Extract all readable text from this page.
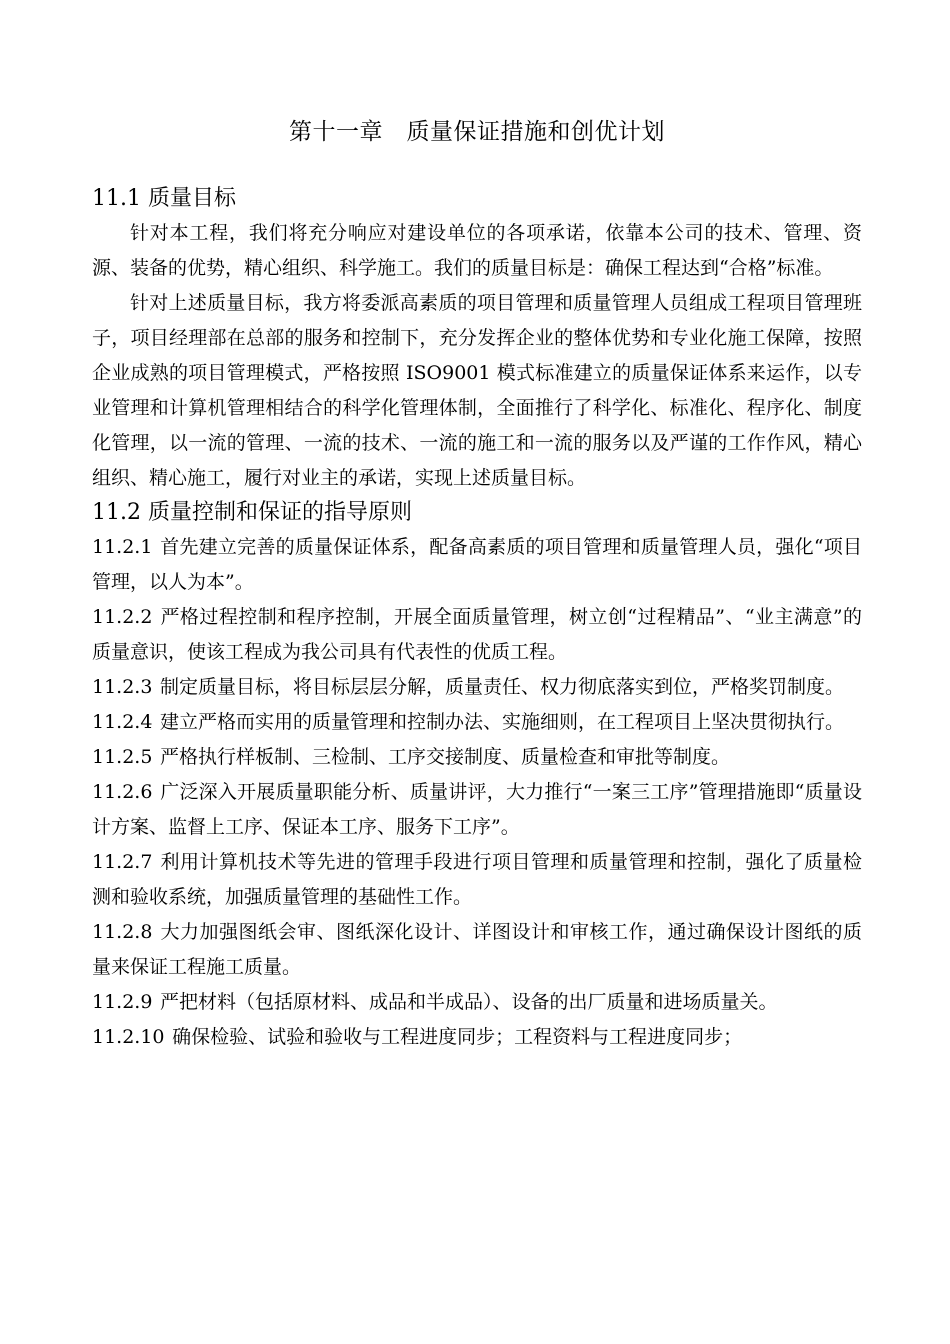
第十一章　质量保证措施和创优计划
11.1 质量目标

针对本工程，我们将充分响应对建设单位的各项承诺，依靠本公司的技术、管理、资源、装备的优势，精心组织、科学施工。我们的质量目标是：确保工程达到“合格”标准。

针对上述质量目标，我方将委派高素质的项目管理和质量管理人员组成工程项目管理班子，项目经理部在总部的服务和控制下，充分发挥企业的整体优势和专业化施工保障，按照企业成熟的项目管理模式，严格按照 ISO9001 模式标准建立的质量保证体系来运作，以专业管理和计算机管理相结合的科学化管理体制，全面推行了科学化、标准化、程序化、制度化管理，以一流的管理、一流的技术、一流的施工和一流的服务以及严谨的工作作风，精心组织、精心施工，履行对业主的承诺，实现上述质量目标。

11.2 质量控制和保证的指导原则

11.2.1 首先建立完善的质量保证体系，配备高素质的项目管理和质量管理人员，强化“项目管理，以人为本”。

11.2.2 严格过程控制和程序控制，开展全面质量管理，树立创“过程精品”、“业主满意”的质量意识，使该工程成为我公司具有代表性的优质工程。

11.2.3 制定质量目标，将目标层层分解，质量责任、权力彻底落实到位，严格奖罚制度。

11.2.4 建立严格而实用的质量管理和控制办法、实施细则，在工程项目上坚决贯彻执行。

11.2.5 严格执行样板制、三检制、工序交接制度、质量检查和审批等制度。

11.2.6 广泛深入开展质量职能分析、质量讲评，大力推行“一案三工序”管理措施即“质量设计方案、监督上工序、保证本工序、服务下工序”。

11.2.7 利用计算机技术等先进的管理手段进行项目管理和质量管理和控制，强化了质量检测和验收系统，加强质量管理的基础性工作。

11.2.8 大力加强图纸会审、图纸深化设计、详图设计和审核工作，通过确保设计图纸的质量来保证工程施工质量。

11.2.9 严把材料（包括原材料、成品和半成品）、设备的出厂质量和进场质量关。

11.2.10 确保检验、试验和验收与工程进度同步；工程资料与工程进度同步；
